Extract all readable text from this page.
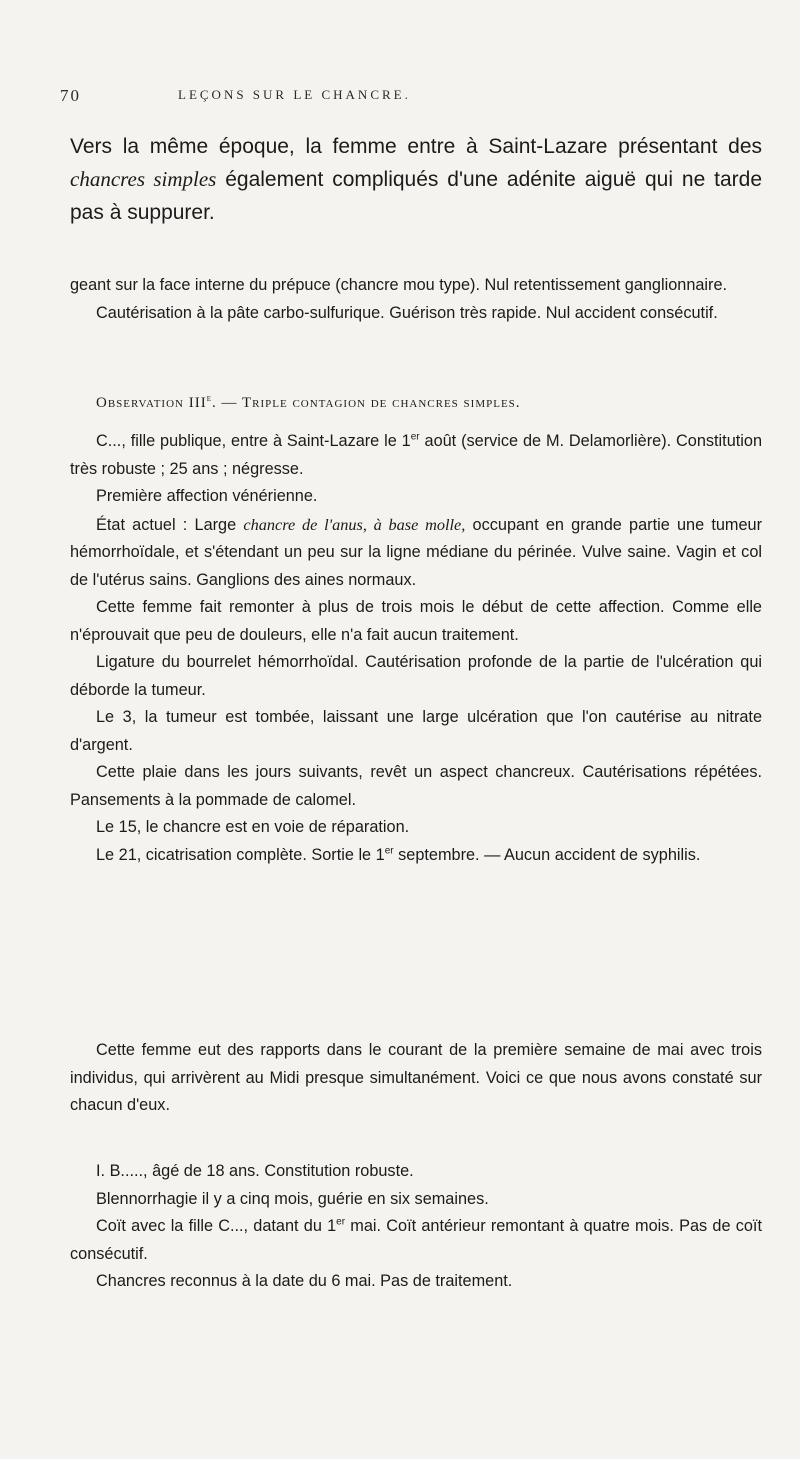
70	LEÇONS SUR LE CHANCRE.

Vers la même époque, la femme entre à Saint-Lazare présentant des chancres simples également compliqués d'une adénite aiguë qui ne tarde pas à suppurer.

geant sur la face interne du prépuce (chancre mou type). Nul retentissement ganglionnaire.

Cautérisation à la pâte carbo-sulfurique. Guérison très rapide. Nul accident consécutif.

Observation IIIe. — Triple contagion de chancres simples.

C..., fille publique, entre à Saint-Lazare le 1er août (service de M. Delamorlière). Constitution très robuste ; 25 ans ; négresse.

Première affection vénérienne.

État actuel : Large chancre de l'anus, à base molle, occupant en grande partie une tumeur hémorrhoïdale, et s'étendant un peu sur la ligne médiane du périnée. Vulve saine. Vagin et col de l'utérus sains. Ganglions des aines normaux.

Cette femme fait remonter à plus de trois mois le début de cette affection. Comme elle n'éprouvait que peu de douleurs, elle n'a fait aucun traitement.

Ligature du bourrelet hémorrhoïdal. Cautérisation profonde de la partie de l'ulcération qui déborde la tumeur.

Le 3, la tumeur est tombée, laissant une large ulcération que l'on cautérise au nitrate d'argent.

Cette plaie dans les jours suivants, revêt un aspect chancreux. Cautérisations répétées. Pansements à la pommade de calomel.

Le 15, le chancre est en voie de réparation.

Le 21, cicatrisation complète. Sortie le 1er septembre. — Aucun accident de syphilis.

Cette femme eut des rapports dans le courant de la première semaine de mai avec trois individus, qui arrivèrent au Midi presque simultanément. Voici ce que nous avons constaté sur chacun d'eux.

I. B....., âgé de 18 ans. Constitution robuste.

Blennorrhagie il y a cinq mois, guérie en six semaines.

Coït avec la fille C..., datant du 1er mai. Coït antérieur remontant à quatre mois. Pas de coït consécutif.

Chancres reconnus à la date du 6 mai. Pas de traitement.
